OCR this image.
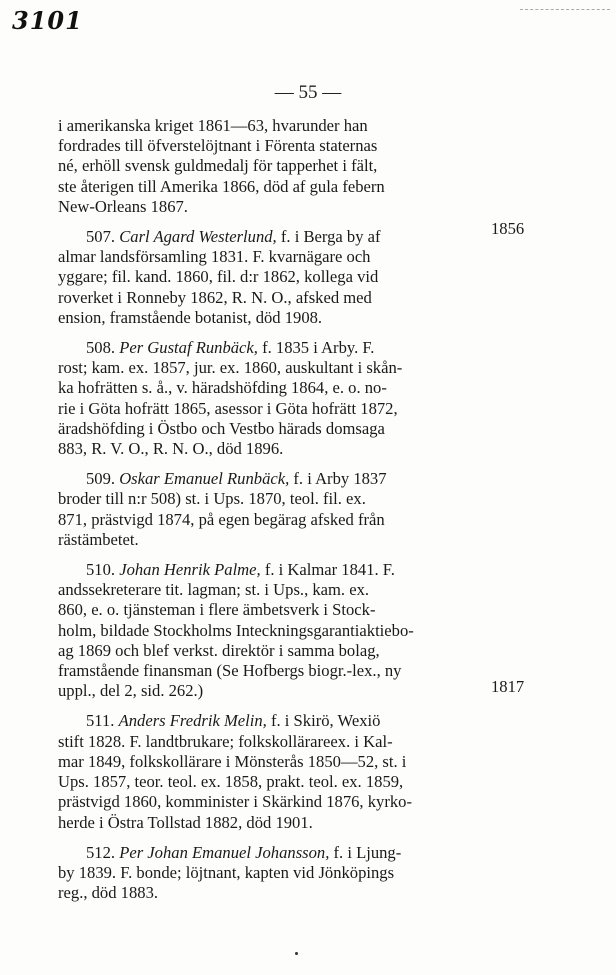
3101
— 55 —

i amerikanska kriget 1861—63, hvarunder han
fordrades till öfverstelöjtnant i Förenta staternas
né, erhöll svensk guldmedalj för tapperhet i fält,
ste återigen till Amerika 1866, död af gula febern
New-Orleans 1867.

507. Carl Agard Westerlund, f. i Berga by af
almar landsförsamling 1831. F. kvarnägare och
yggare; fil. kand. 1860, fil. d:r 1862, kollega vid
roverket i Ronneby 1862, R. N. O., afsked med
ension, framstående botanist, död 1908.

508. Per Gustaf Runbäck, f. 1835 i Arby. F.
rost; kam. ex. 1857, jur. ex. 1860, auskultant i skån-
ka hofrätten s. å., v. häradshöfding 1864, e. o. no-
rie i Göta hofrätt 1865, asessor i Göta hofrätt 1872,
äradshöfding i Östbo och Vestbo härads domsaga
883, R. V. O., R. N. O., död 1896.

509. Oskar Emanuel Runbäck, f. i Arby 1837
broder till n:r 508) st. i Ups. 1870, teol. fil. ex.
871, prästvigd 1874, på egen begärag afsked från
rästämbetet.

510. Johan Henrik Palme, f. i Kalmar 1841. F.
andssekreterare tit. lagman; st. i Ups., kam. ex.
860, e. o. tjänsteman i flere ämbetsverk i Stock-
holm, bildade Stockholms Inteckningsgarantiaktiebo-
ag 1869 och blef verkst. direktör i samma bolag,
framstående finansman (Se Hofbergs biogr.-lex., ny
uppl., del 2, sid. 262.)

511. Anders Fredrik Melin, f. i Skirö, Wexiö
stift 1828. F. landtbrukare; folkskollärareex. i Kal-
mar 1849, folkskollärare i Mönsterås 1850—52, st. i
Ups. 1857, teor. teol. ex. 1858, prakt. teol. ex. 1859,
prästvigd 1860, komminister i Skärkind 1876, kyrko-
herde i Östra Tollstad 1882, död 1901.

512. Per Johan Emanuel Johansson, f. i Ljung-
by 1839. F. bonde; löjtnant, kapten vid Jönköpings
reg., död 1883.

1856
1817
